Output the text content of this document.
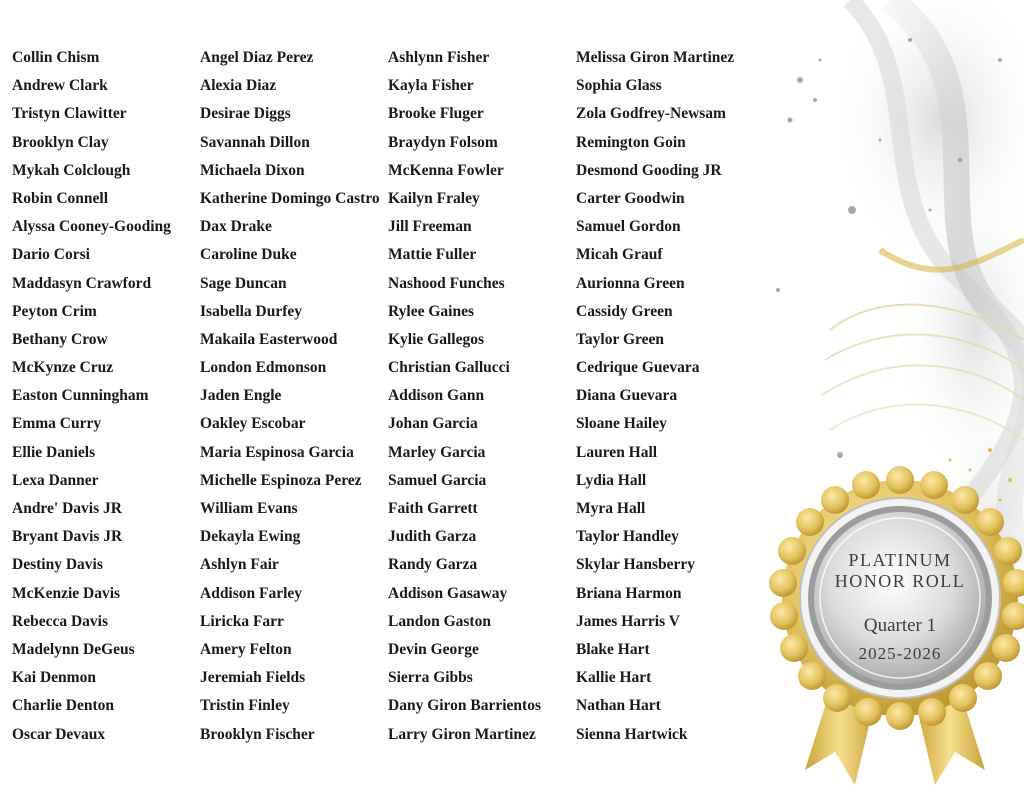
Collin Chism
Andrew Clark
Tristyn Clawitter
Brooklyn Clay
Mykah Colclough
Robin Connell
Alyssa Cooney-Gooding
Dario Corsi
Maddasyn Crawford
Peyton Crim
Bethany Crow
McKynze Cruz
Easton Cunningham
Emma Curry
Ellie Daniels
Lexa Danner
Andre' Davis JR
Bryant Davis JR
Destiny Davis
McKenzie Davis
Rebecca Davis
Madelynn DeGeus
Kai Denmon
Charlie Denton
Oscar Devaux
Angel Diaz Perez
Alexia Diaz
Desirae Diggs
Savannah Dillon
Michaela Dixon
Katherine Domingo Castro
Dax Drake
Caroline Duke
Sage Duncan
Isabella Durfey
Makaila Easterwood
London Edmonson
Jaden Engle
Oakley Escobar
Maria Espinosa Garcia
Michelle Espinoza Perez
William Evans
Dekayla Ewing
Ashlyn Fair
Addison Farley
Liricka Farr
Amery Felton
Jeremiah Fields
Tristin Finley
Brooklyn Fischer
Ashlynn Fisher
Kayla Fisher
Brooke Fluger
Braydyn Folsom
McKenna Fowler
Kailyn Fraley
Jill Freeman
Mattie Fuller
Nashood Funches
Rylee Gaines
Kylie Gallegos
Christian Gallucci
Addison Gann
Johan Garcia
Marley Garcia
Samuel Garcia
Faith Garrett
Judith Garza
Randy Garza
Addison Gasaway
Landon Gaston
Devin George
Sierra Gibbs
Dany Giron Barrientos
Larry Giron Martinez
Melissa Giron Martinez
Sophia Glass
Zola Godfrey-Newsam
Remington Goin
Desmond Gooding JR
Carter Goodwin
Samuel Gordon
Micah Grauf
Aurionna Green
Cassidy Green
Taylor Green
Cedrique Guevara
Diana Guevara
Sloane Hailey
Lauren Hall
Lydia Hall
Myra Hall
Taylor Handley
Skylar Hansberry
Briana Harmon
James Harris V
Blake Hart
Kallie Hart
Nathan Hart
Sienna Hartwick
PLATINUM
HONOR ROLL
Quarter 1
2025-2026
